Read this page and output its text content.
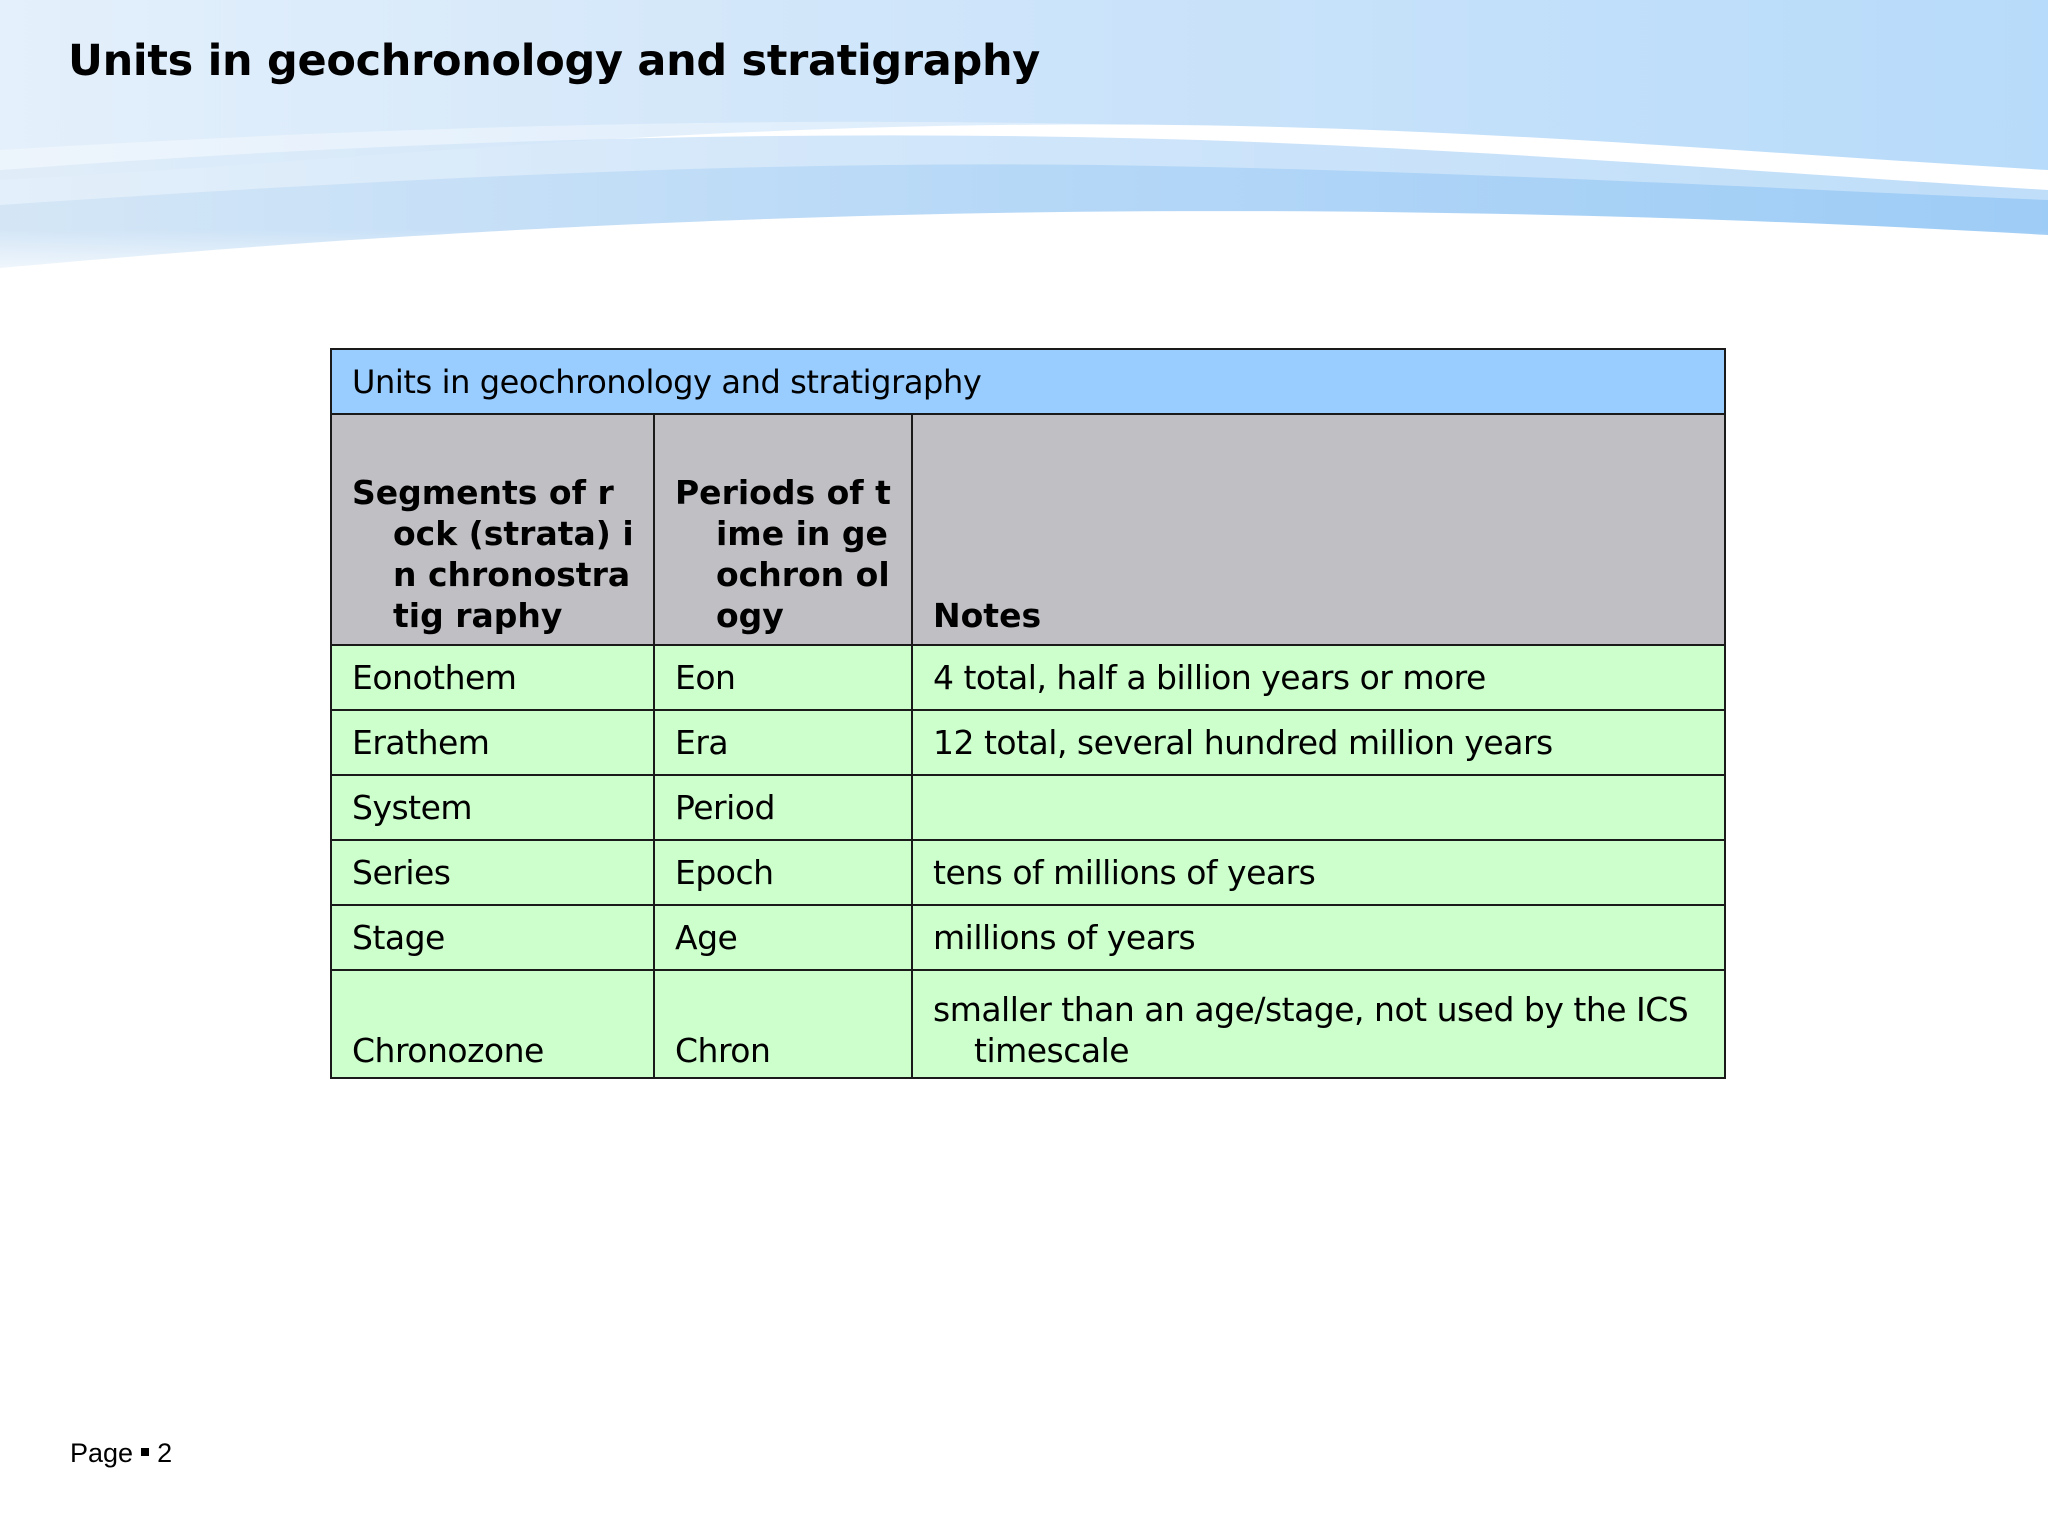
Units in geochronology and stratigraphy
Units in geochronology and stratigraphy		

Segments of rock (strata) in chronostratig raphy	Periods of time in geochron ology	Notes
Eonothem	Eon	4 total, half a billion years or more
Erathem	Era	12 total, several hundred million years
System	Period	
Series	Epoch	tens of millions of years
Stage	Age	millions of years
Chronozone	Chron	smaller than an age/stage, not used by the ICS timescale
Page 2
